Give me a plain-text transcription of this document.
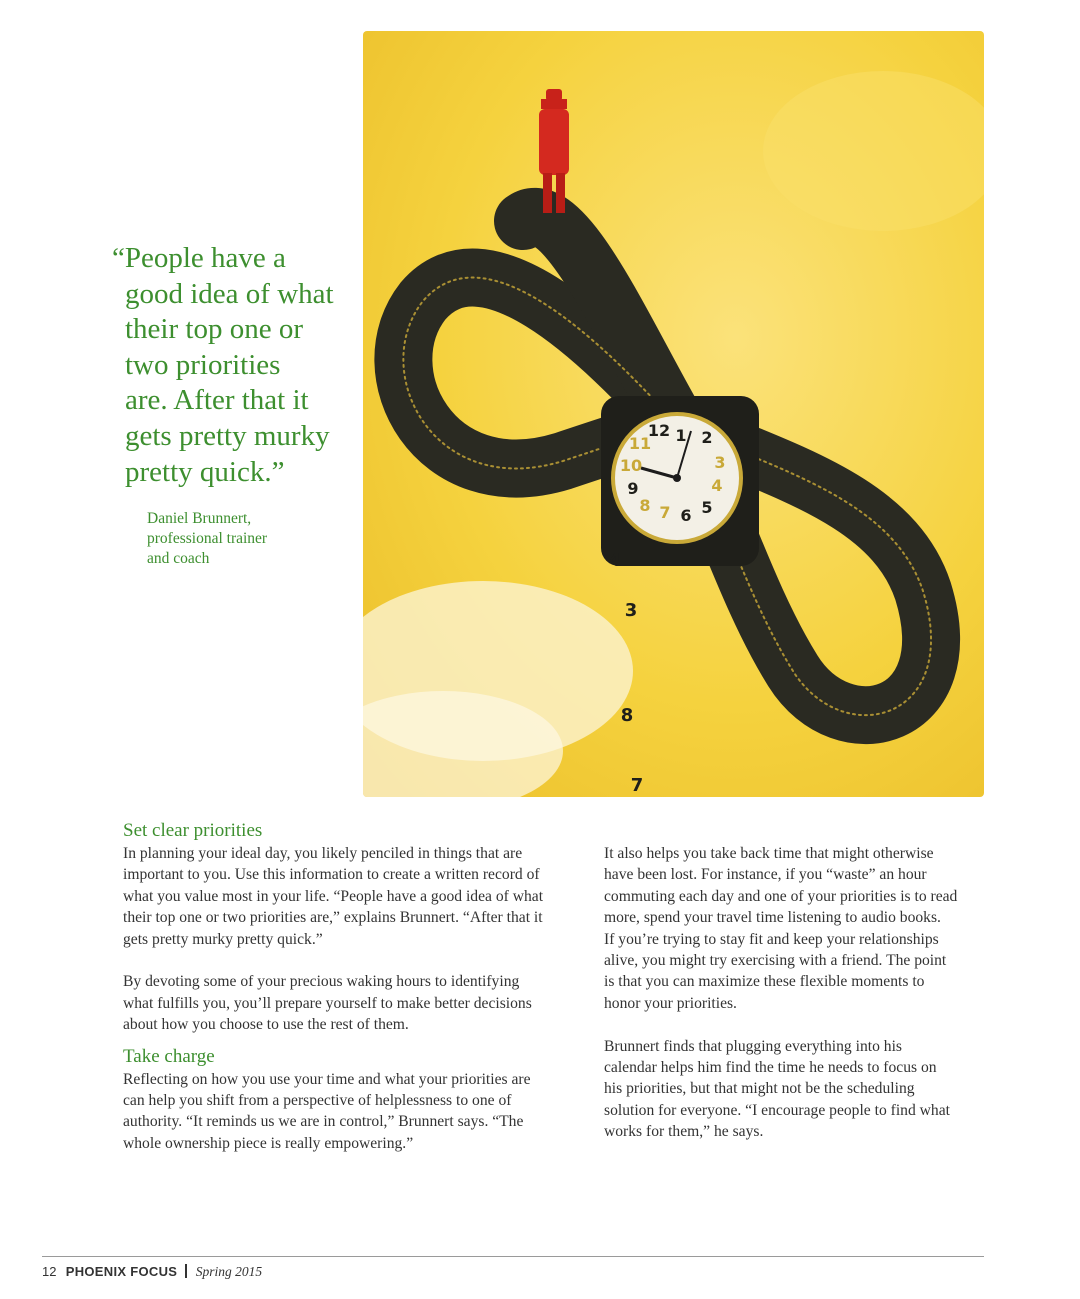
12 1 2
3
4
5
6
7
8
9
10
11
4
3
8
7
“People have a
good idea of what
their top one or
two priorities
are. After that it
gets pretty murky
pretty quick.”
Daniel Brunnert,
professional trainer
and coach
Set clear priorities
In planning your ideal day, you likely penciled in things that are
important to you. Use this information to create a written record of
what you value most in your life. “People have a good idea of what
their top one or two priorities are,” explains Brunnert. “After that it
gets pretty murky pretty quick.”
By devoting some of your precious waking hours to identifying
what fulfills you, you’ll prepare yourself to make better decisions
about how you choose to use the rest of them.
Take charge
Reflecting on how you use your time and what your priorities are
can help you shift from a perspective of helplessness to one of
authority. “It reminds us we are in control,” Brunnert says. “The
whole ownership piece is really empowering.”
It also helps you take back time that might otherwise
have been lost. For instance, if you “waste” an hour
commuting each day and one of your priorities is to read
more, spend your travel time listening to audio books.
If you’re trying to stay fit and keep your relationships
alive, you might try exercising with a friend. The point
is that you can maximize these flexible moments to
honor your priorities.
Brunnert finds that plugging everything into his
calendar helps him find the time he needs to focus on
his priorities, but that might not be the scheduling
solution for everyone. “I encourage people to find what
works for them,” he says.
12 PHOENIX FOCUS Spring 2015
